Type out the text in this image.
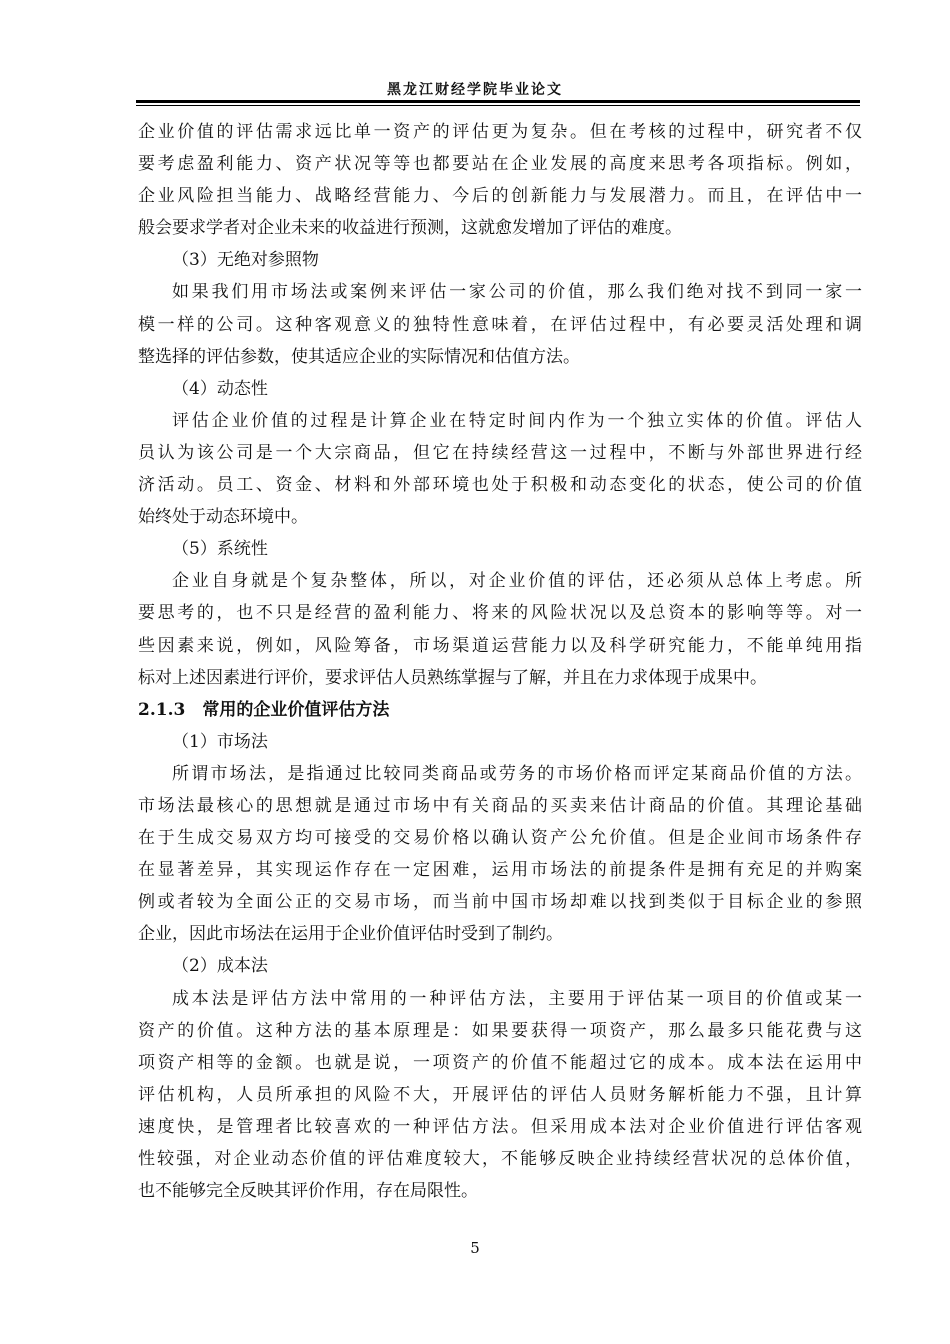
黑龙江财经学院毕业论文
企业价值的评估需求远比单一资产的评估更为复杂。但在考核的过程中，研究者不仅
要考虑盈利能力、资产状况等等也都要站在企业发展的高度来思考各项指标。例如，
企业风险担当能力、战略经营能力、今后的创新能力与发展潜力。而且，在评估中一
般会要求学者对企业未来的收益进行预测，这就愈发增加了评估的难度。
（3）无绝对参照物
如果我们用市场法或案例来评估一家公司的价值，那么我们绝对找不到同一家一
模一样的公司。这种客观意义的独特性意味着，在评估过程中，有必要灵活处理和调
整选择的评估参数，使其适应企业的实际情况和估值方法。
（4）动态性
评估企业价值的过程是计算企业在特定时间内作为一个独立实体的价值。评估人
员认为该公司是一个大宗商品，但它在持续经营这一过程中，不断与外部世界进行经
济活动。员工、资金、材料和外部环境也处于积极和动态变化的状态，使公司的价值
始终处于动态环境中。
（5）系统性
企业自身就是个复杂整体，所以，对企业价值的评估，还必须从总体上考虑。所
要思考的，也不只是经营的盈利能力、将来的风险状况以及总资本的影响等等。对一
些因素来说，例如，风险筹备，市场渠道运营能力以及科学研究能力，不能单纯用指
标对上述因素进行评价，要求评估人员熟练掌握与了解，并且在力求体现于成果中。
2.1.3　常用的企业价值评估方法
（1）市场法
所谓市场法，是指通过比较同类商品或劳务的市场价格而评定某商品价值的方法。
市场法最核心的思想就是通过市场中有关商品的买卖来估计商品的价值。其理论基础
在于生成交易双方均可接受的交易价格以确认资产公允价值。但是企业间市场条件存
在显著差异，其实现运作存在一定困难，运用市场法的前提条件是拥有充足的并购案
例或者较为全面公正的交易市场，而当前中国市场却难以找到类似于目标企业的参照
企业，因此市场法在运用于企业价值评估时受到了制约。
（2）成本法
成本法是评估方法中常用的一种评估方法，主要用于评估某一项目的价值或某一
资产的价值。这种方法的基本原理是：如果要获得一项资产，那么最多只能花费与这
项资产相等的金额。也就是说，一项资产的价值不能超过它的成本。成本法在运用中
评估机构，人员所承担的风险不大，开展评估的评估人员财务解析能力不强，且计算
速度快，是管理者比较喜欢的一种评估方法。但采用成本法对企业价值进行评估客观
性较强，对企业动态价值的评估难度较大，不能够反映企业持续经营状况的总体价值，
也不能够完全反映其评价作用，存在局限性。
5
